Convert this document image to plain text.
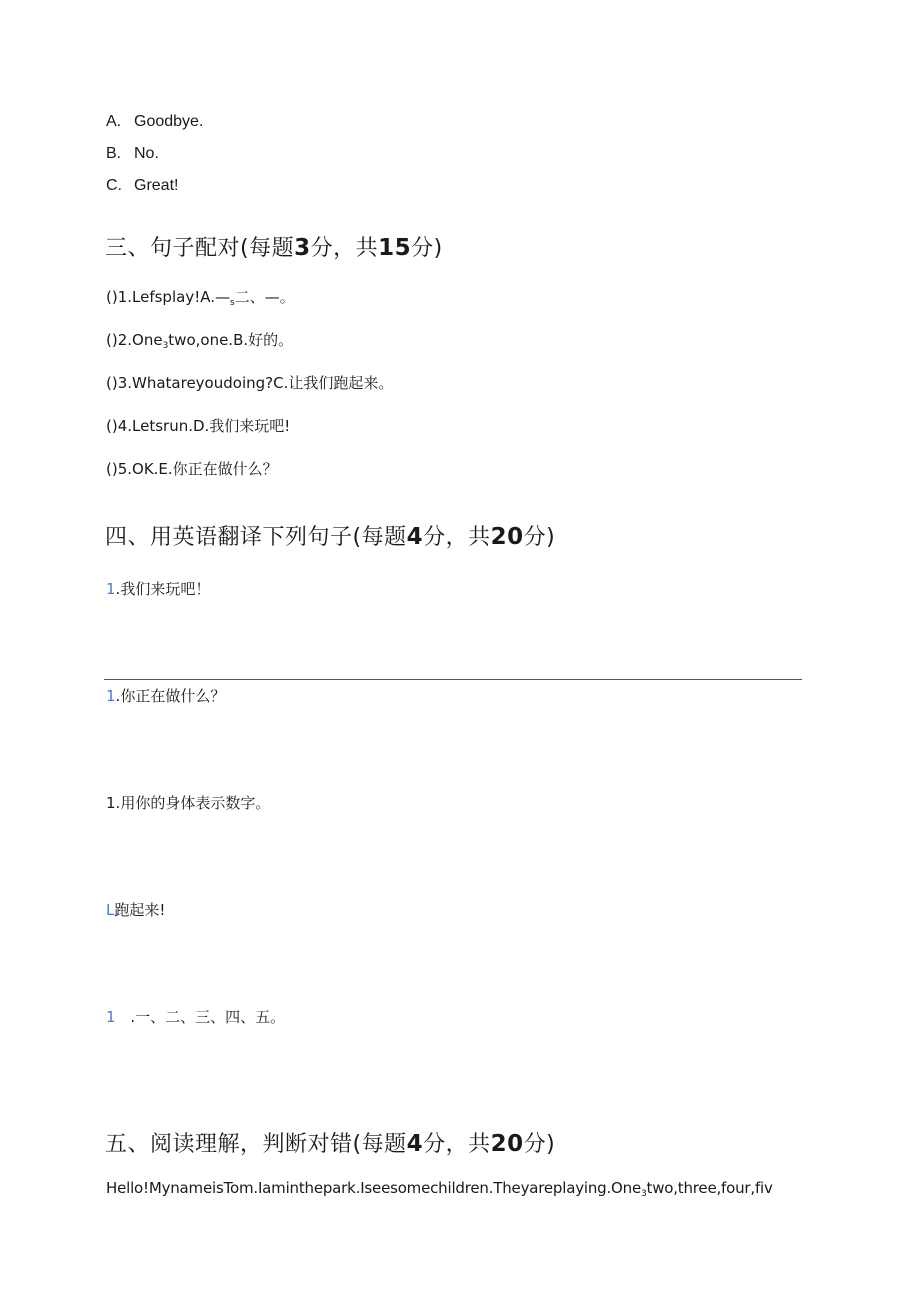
A. Goodbye.
B. No.
C. Great!
三、句子配对(每题3分，共15分)
$()1.Lefsplay!A.—_s$二、—。
()2.One$_3$two,one.B.好的。
()3.Whatareyoudoing?C.让我们跑起来。
()4.Letsrun.D.我们来玩吧!
()5.OK.E.你正在做什么？
四、用英语翻译下列句子(每题4分，共20分)
1.我们来玩吧！
1.你正在做什么？
1.用你的身体表示数字。
L跑起来!
1 .一、二、三、四、五。
五、阅读理解，判断对错(每题4分，共20分)
Hello!MynameisTom.Iaminthepark.Iseesomechildren.Theyareplaying.One$_3$two,three,four,fiv
